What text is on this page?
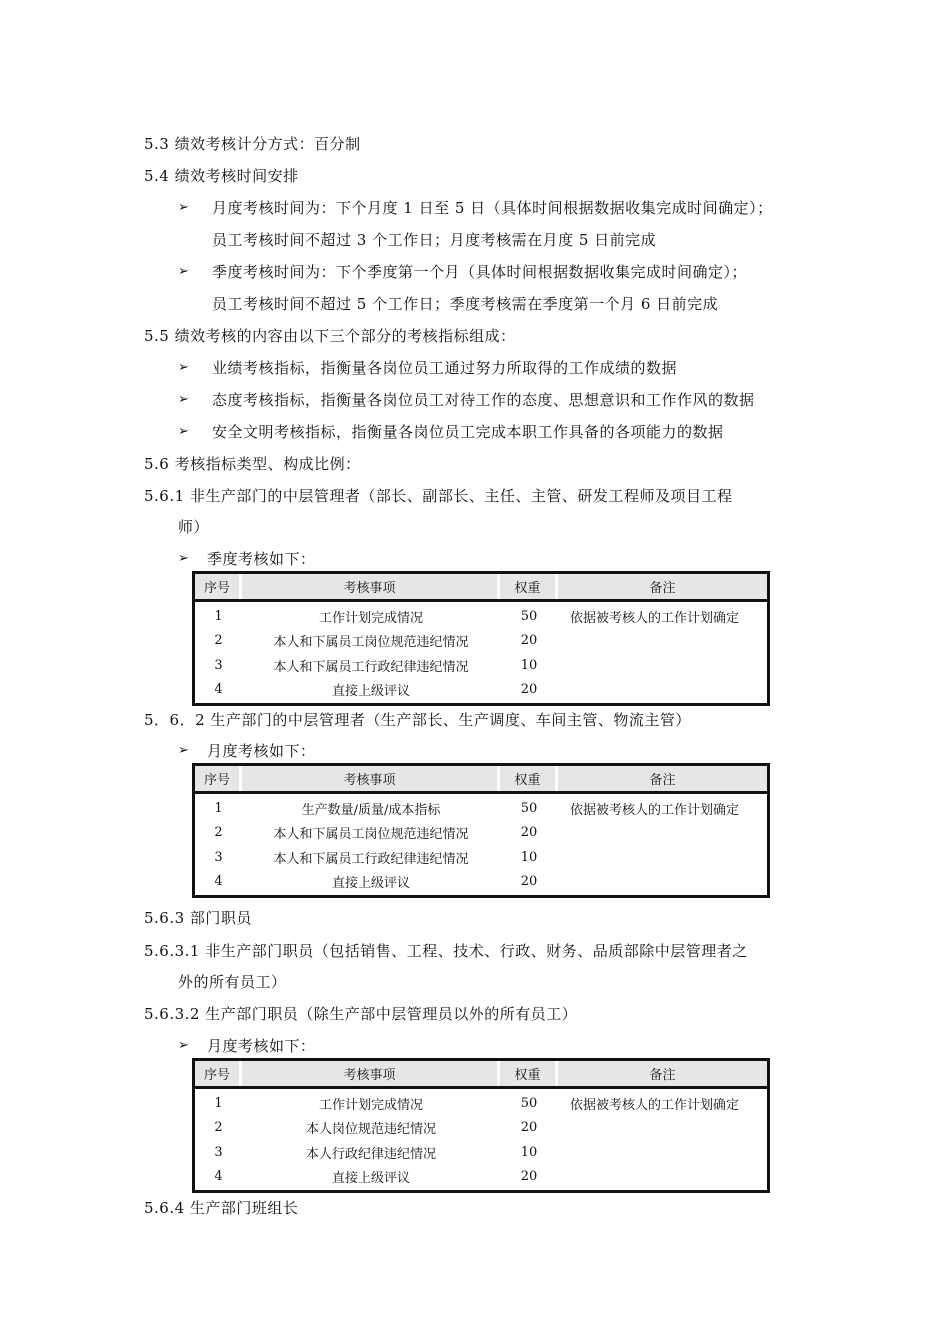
5.3 绩效考核计分方式：百分制
5.4 绩效考核时间安排
➢ 月度考核时间为：下个月度 1 日至 5 日（具体时间根据数据收集完成时间确定）；
员工考核时间不超过 3 个工作日；月度考核需在月度 5 日前完成
➢ 季度考核时间为：下个季度第一个月（具体时间根据数据收集完成时间确定）；
员工考核时间不超过 5 个工作日；季度考核需在季度第一个月 6 日前完成
5.5 绩效考核的内容由以下三个部分的考核指标组成：
➢ 业绩考核指标，指衡量各岗位员工通过努力所取得的工作成绩的数据
➢ 态度考核指标，指衡量各岗位员工对待工作的态度、思想意识和工作作风的数据
➢ 安全文明考核指标，指衡量各岗位员工完成本职工作具备的各项能力的数据
5.6 考核指标类型、构成比例：
5.6.1 非生产部门的中层管理者（部长、副部长、主任、主管、研发工程师及项目工程
师）
➢ 季度考核如下：
序号	考核事项	权重	备注
1	工作计划完成情况	50	依据被考核人的工作计划确定
2	本人和下属员工岗位规范违纪情况	20
3	本人和下属员工行政纪律违纪情况	10
4	直接上级评议	20
5．6．2 生产部门的中层管理者（生产部长、生产调度、车间主管、物流主管）
➢ 月度考核如下：
序号	考核事项	权重	备注
1	生产数量/质量/成本指标	50	依据被考核人的工作计划确定
2	本人和下属员工岗位规范违纪情况	20
3	本人和下属员工行政纪律违纪情况	10
4	直接上级评议	20
5.6.3 部门职员
5.6.3.1 非生产部门职员（包括销售、工程、技术、行政、财务、品质部除中层管理者之
外的所有员工）
5.6.3.2 生产部门职员（除生产部中层管理员以外的所有员工）
➢ 月度考核如下：
序号	考核事项	权重	备注
1	工作计划完成情况	50	依据被考核人的工作计划确定
2	本人岗位规范违纪情况	20
3	本人行政纪律违纪情况	10
4	直接上级评议	20
5.6.4 生产部门班组长
